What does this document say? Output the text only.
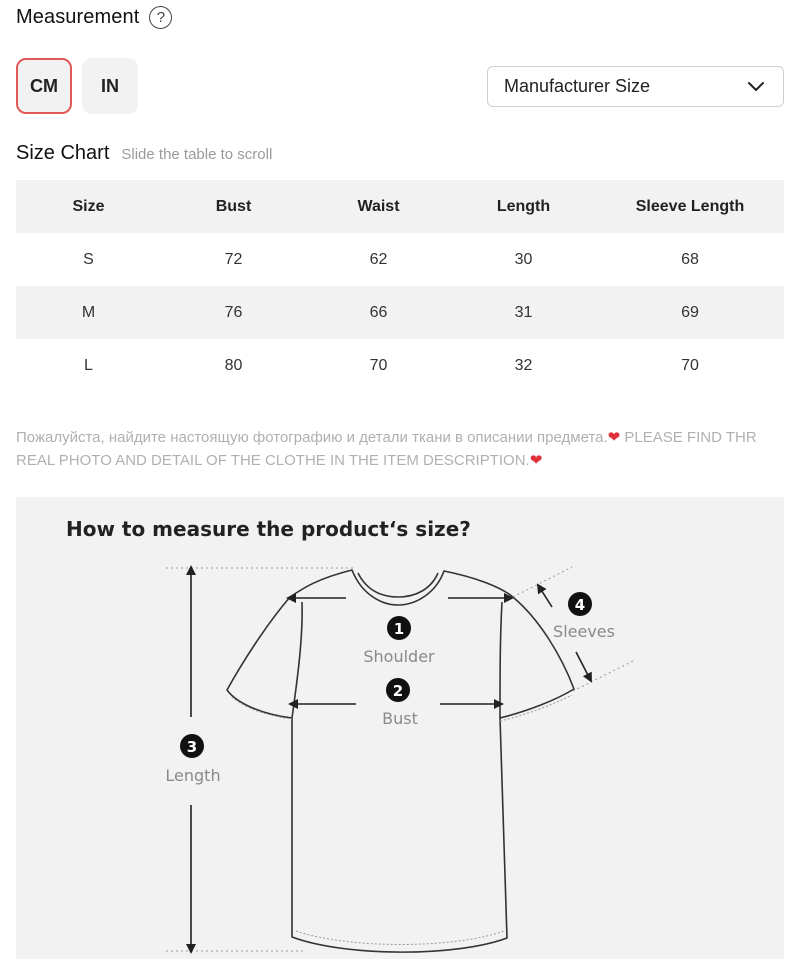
Measurement	?
CM IN	Manufacturer Size
Size Chart Slide the table to scroll
Size	Bust	Waist	Length	Sleeve Length
S	72	62	30	68
M	76	66	31	69
L	80	70	32	70

Пожалуйста, найдите настоящую фотографию и детали ткани в описании предмета.❤ PLEASE FIND THR REAL PHOTO AND DETAIL OF THE CLOTHE IN THE ITEM DESCRIPTION.❤

How to measure the product‘s size?
1
Shoulder
2
Bust
3
Length
4
Sleeves
